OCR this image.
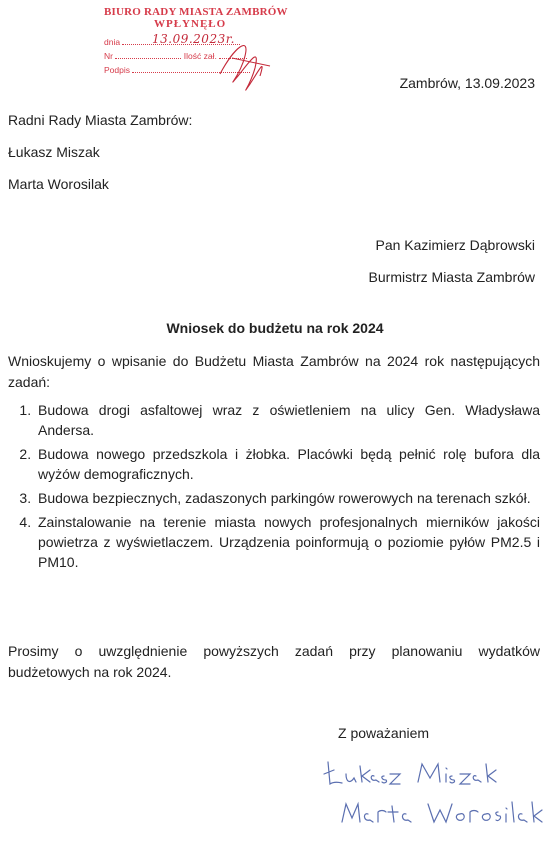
BIURO RADY MIASTA ZAMBRÓW
WPŁYNĘŁO
dnia	13.09.2023r.
Nr	Ilość zał.
Podpis
Zambrów, 13.09.2023
Radni Rady Miasta Zambrów:
Łukasz Miszak
Marta Worosilak
Pan Kazimierz Dąbrowski
Burmistrz Miasta Zambrów
Wniosek do budżetu na rok 2024
Wnioskujemy o wpisanie do Budżetu Miasta Zambrów na 2024 rok następujących zadań:
1. Budowa drogi asfaltowej wraz z oświetleniem na ulicy Gen. Władysława Andersa.
2. Budowa nowego przedszkola i żłobka. Placówki będą pełnić rolę bufora dla wyżów demograficznych.
3. Budowa bezpiecznych, zadaszonych parkingów rowerowych na terenach szkół.
4. Zainstalowanie na terenie miasta nowych profesjonalnych mierników jakości powietrza z wyświetlaczem. Urządzenia poinformują o poziomie pyłów PM2.5 i PM10.
Prosimy o uwzględnienie powyższych zadań przy planowaniu wydatków budżetowych na rok 2024.
Z poważaniem
